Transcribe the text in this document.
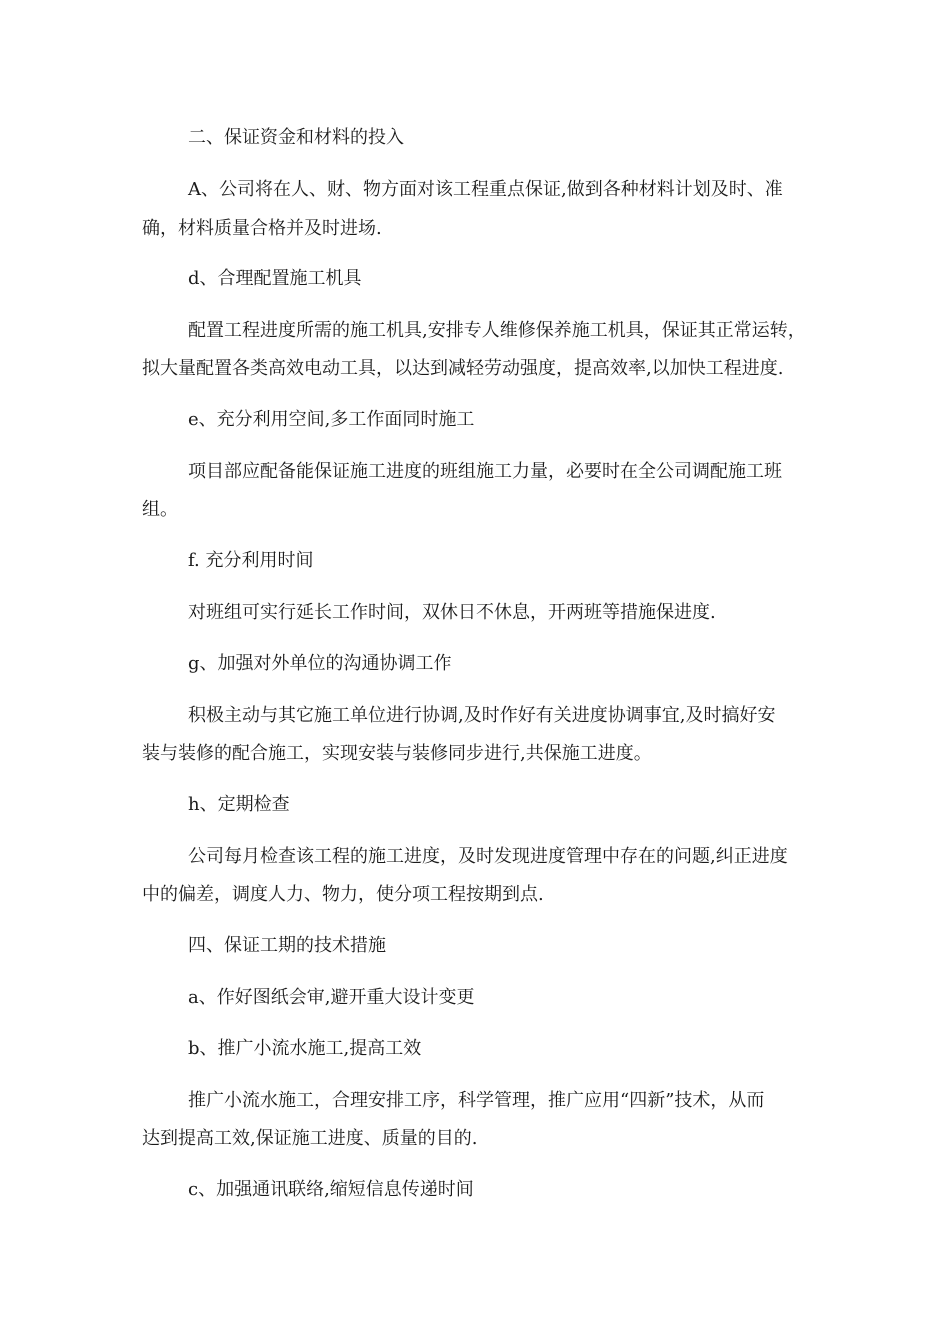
二、保证资金和材料的投入
A、公司将在人、财、物方面对该工程重点保证,做到各种材料计划及时、准
确，材料质量合格并及时进场.
d、合理配置施工机具
配置工程进度所需的施工机具,安排专人维修保养施工机具，保证其正常运转，
拟大量配置各类高效电动工具，以达到减轻劳动强度，提高效率,以加快工程进度.
e、充分利用空间,多工作面同时施工
项目部应配备能保证施工进度的班组施工力量，必要时在全公司调配施工班
组。
f. 充分利用时间
对班组可实行延长工作时间，双休日不休息，开两班等措施保进度.
g、加强对外单位的沟通协调工作
积极主动与其它施工单位进行协调,及时作好有关进度协调事宜,及时搞好安
装与装修的配合施工，实现安装与装修同步进行,共保施工进度。
h、定期检查
公司每月检查该工程的施工进度，及时发现进度管理中存在的问题,纠正进度
中的偏差，调度人力、物力，使分项工程按期到点.
四、保证工期的技术措施
a、作好图纸会审,避开重大设计变更
b、推广小流水施工,提高工效
推广小流水施工，合理安排工序，科学管理，推广应用“四新”技术，从而
达到提高工效,保证施工进度、质量的目的.
c、加强通讯联络,缩短信息传递时间
